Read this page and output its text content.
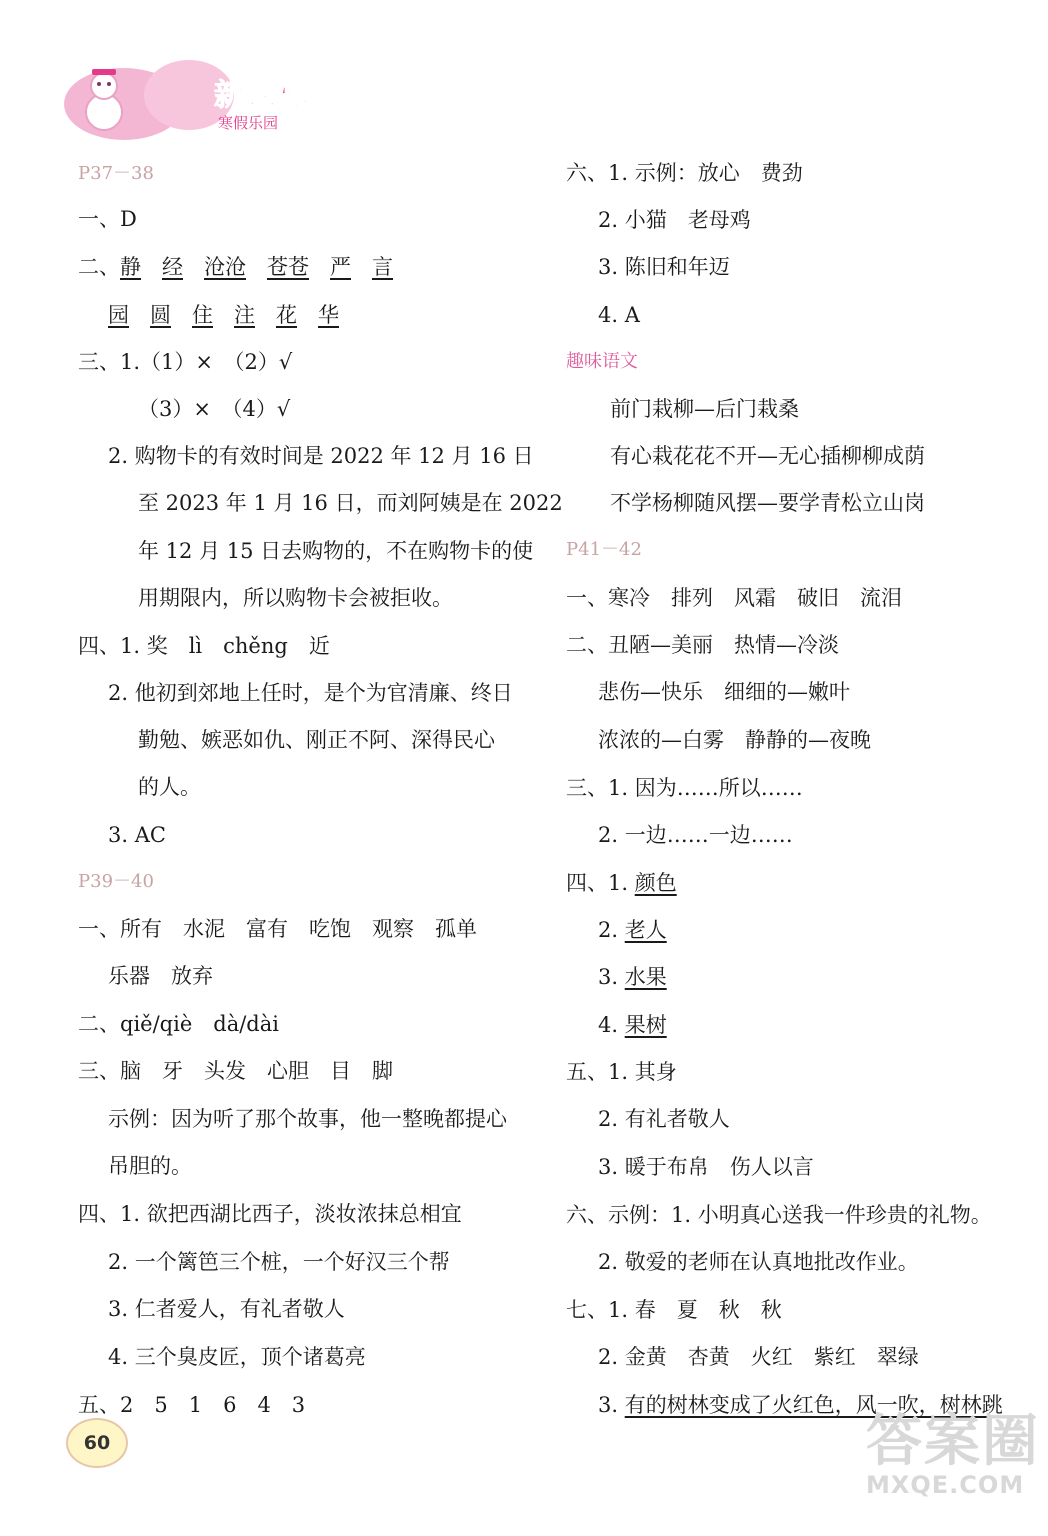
新课标
寒假乐园
P37－38
一、D
二、静　 经　 沧沧　 苍苍　 严　 言
园　 圆　 住　 注　 花　 华
三、1.（1）×　（2）√
（3）×　（4）√
2. 购物卡的有效时间是 2022 年 12 月 16 日
至 2023 年 1 月 16 日，而刘阿姨是在 2022
年 12 月 15 日去购物的，不在购物卡的使
用期限内，所以购物卡会被拒收。
四、1. 奖　lì　chěng　近
2. 他初到郊地上任时，是个为官清廉、终日
勤勉、嫉恶如仇、刚正不阿、深得民心
的人。
3. AC
P39－40
一、所有　水泥　富有　吃饱　观察　孤单
乐器　放弃
二、qiě/qiè　dà/dài
三、脑　牙　头发　心胆　目　脚
示例：因为听了那个故事，他一整晚都提心
吊胆的。
四、1. 欲把西湖比西子，淡妆浓抹总相宜
2. 一个篱笆三个桩，一个好汉三个帮
3. 仁者爱人，有礼者敬人
4. 三个臭皮匠，顶个诸葛亮
五、2　5　1　6　4　3
六、1. 示例：放心　费劲
2. 小猫　老母鸡
3. 陈旧和年迈
4. A
趣味语文
前门栽柳—后门栽桑
有心栽花花不开—无心插柳柳成荫
不学杨柳随风摆—要学青松立山岗
P41－42
一、寒冷　排列　风霜　破旧　流泪
二、丑陋—美丽　热情—冷淡
悲伤—快乐　细细的—嫩叶
浓浓的—白雾　静静的—夜晚
三、1. 因为……所以……
2. 一边……一边……
四、1. 颜色
2. 老人
3. 水果
4. 果树
五、1. 其身
2. 有礼者敬人
3. 暖于布帛　伤人以言
六、示例：1. 小明真心送我一件珍贵的礼物。
2. 敬爱的老师在认真地批改作业。
七、1. 春　夏　秋　秋
2. 金黄　杏黄　火红　紫红　翠绿
3. 有的树林变成了火红色，风一吹，树林跳
60	答案圈
MXQE.COM
